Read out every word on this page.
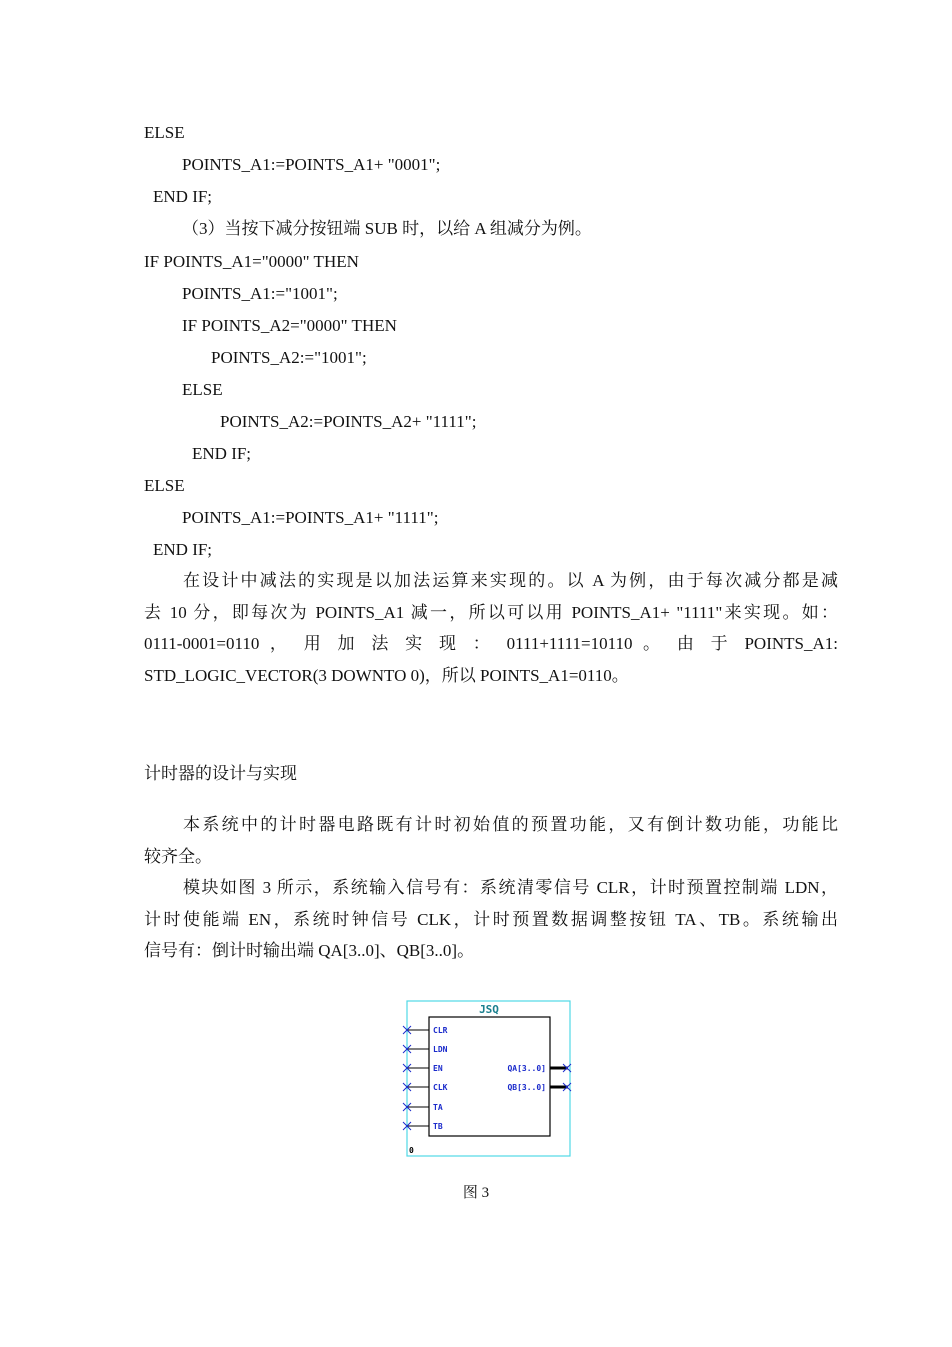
ELSE
POINTS_A1:=POINTS_A1+ "0001";
END IF;
（3）当按下减分按钮端 SUB 时，以给 A 组减分为例。
IF POINTS_A1="0000" THEN
POINTS_A1:="1001";
IF POINTS_A2="0000" THEN
POINTS_A2:="1001";
ELSE
POINTS_A2:=POINTS_A2+ "1111";
END IF;
ELSE
POINTS_A1:=POINTS_A1+ "1111";
END IF;
在设计中减法的实现是以加法运算来实现的。以 A 为例，由于每次减分都是减
去 10 分，即每次为 POINTS_A1 减一，所以可以用 POINTS_A1+ "1111"来实现。如：
0111-0001=0110 ， 用 加 法 实 现 ： 0111+1111=10110 。 由 于 POINTS_A1:
STD_LOGIC_VECTOR(3 DOWNTO 0)，所以 POINTS_A1=0110。
计时器的设计与实现
本系统中的计时器电路既有计时初始值的预置功能，又有倒计数功能，功能比
较齐全。
模块如图 3 所示，系统输入信号有：系统清零信号 CLR，计时预置控制端 LDN，
计时使能端 EN，系统时钟信号 CLK，计时预置数据调整按钮 TA、TB。系统输出
信号有：倒计时输出端 QA[3..0]、QB[3..0]。
JSQ
CLR
LDN
EN
CLK
TA
TB
QA[3..0]
QB[3..0]
0
图 3
